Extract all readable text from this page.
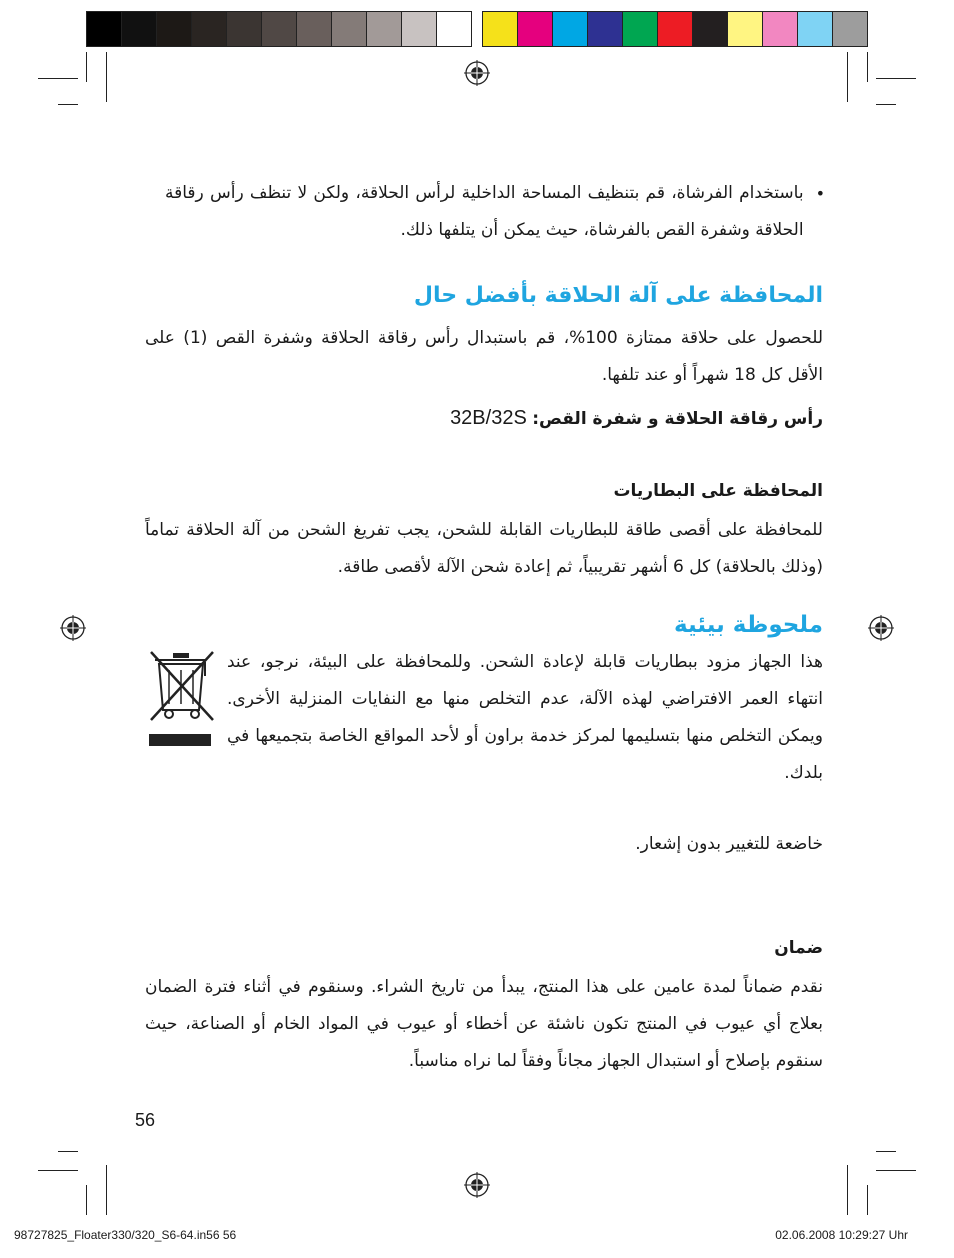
•

باستخدام الفرشاة، قم بتنظيف المساحة الداخلية لرأس الحلاقة، ولكن لا تنظف رأس رقاقة الحلاقة وشفرة القص بالفرشاة، حيث يمكن أن يتلفها ذلك.

المحافظة على آلة الحلاقة بأفضل حال

للحصول على حلاقة ممتازة 100%، قم باستبدال رأس رقاقة الحلاقة وشفرة القص (1) على الأقل كل 18 شهراً أو عند تلفها.

رأس رقاقة الحلاقة و شفرة القص: 32B/32S
المحافظة على البطاريات

للمحافظة على أقصى طاقة للبطاريات القابلة للشحن، يجب تفريغ الشحن من آلة الحلاقة تماماً (وذلك بالحلاقة) كل 6 أشهر تقريبياً، ثم إعادة شحن الآلة لأقصى طاقة.

ملحوظة بيئية

هذا الجهاز مزود ببطاريات قابلة لإعادة الشحن. وللمحافظة على البيئة، نرجو، عند انتهاء العمر الافتراضي لهذه الآلة، عدم التخلص منها مع النفايات المنزلية الأخرى. ويمكن التخلص منها بتسليمها لمركز خدمة براون أو لأحد المواقع الخاصة بتجميعها في بلدك.

خاضعة للتغيير بدون إشعار.

ضمان

نقدم ضماناً لمدة عامين على هذا المنتج، يبدأ من تاريخ الشراء. وسنقوم في أثناء فترة الضمان بعلاج أي عيوب في المنتج تكون ناشئة عن أخطاء أو عيوب في المواد الخام أو الصناعة، حيث سنقوم بإصلاح أو استبدال الجهاز مجاناً وفقاً لما نراه مناسباً.

56
98727825_Floater330/320_S6-64.in56 56	02.06.2008 10:29:27 Uhr
